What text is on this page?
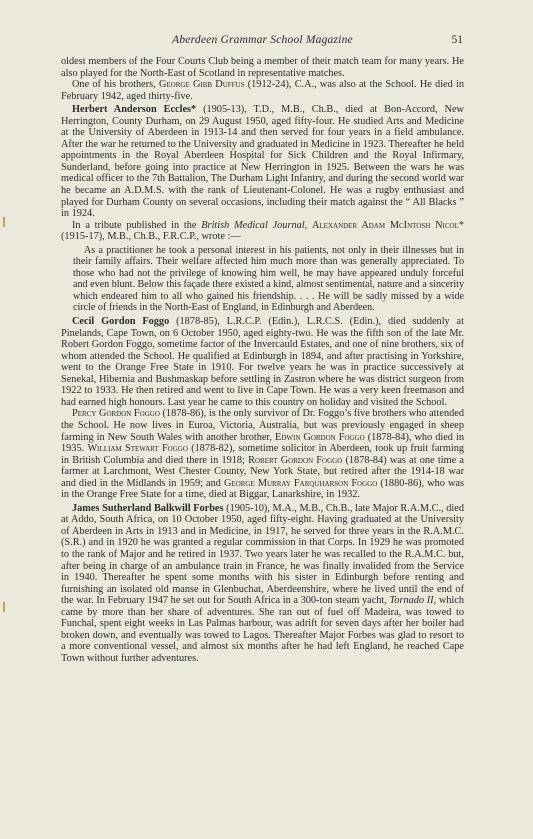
Aberdeen Grammar School Magazine	51

oldest members of the Four Courts Club being a member of their match team for many years. He also played for the North-East of Scotland in representative matches.

One of his brothers, George Gibb Duffus (1912-24), C.A., was also at the School. He died in February 1942, aged thirty-five.

Herbert Anderson Eccles* (1905-13), T.D., M.B., Ch.B., died at Bon-Accord, New Herrington, County Durham, on 29 August 1950, aged fifty-four. He studied Arts and Medicine at the University of Aberdeen in 1913-14 and then served for four years in a field ambulance. After the war he returned to the University and graduated in Medicine in 1923. Thereafter he held appointments in the Royal Aberdeen Hospital for Sick Children and the Royal Infirmary, Sunderland, before going into practice at New Herrington in 1925. Between the wars he was medical officer to the 7th Battalion, The Durham Light Infantry, and during the second world war he became an A.D.M.S. with the rank of Lieutenant-Colonel. He was a rugby enthusiast and played for Durham County on several occasions, including their match against the “ All Blacks ” in 1924.

In a tribute published in the British Medical Journal, Alexander Adam McIntosh Nicol* (1915-17), M.B., Ch.B., F.R.C.P., wrote :—

As a practitioner he took a personal interest in his patients, not only in their illnesses but in their family affairs. Their welfare affected him much more than was generally appreciated. To those who had not the privilege of knowing him well, he may have appeared unduly forceful and even blunt. Below this façade there existed a kind, almost sentimental, nature and a sincerity which endeared him to all who gained his friendship. . . . He will be sadly missed by a wide circle of friends in the North-East of England, in Edinburgh and Aberdeen.

Cecil Gordon Foggo (1878-85), L.R.C.P. (Edin.), L.R.C.S. (Edin.), died suddenly at Pinelands, Cape Town, on 6 October 1950, aged eighty-two. He was the fifth son of the late Mr. Robert Gordon Foggo, sometime factor of the Invercauld Estates, and one of nine brothers, six of whom attended the School. He qualified at Edinburgh in 1894, and after practising in Yorkshire, went to the Orange Free State in 1910. For twelve years he was in practice successively at Senekal, Hibernia and Bushmaskap before settling in Zastron where he was district surgeon from 1922 to 1933. He then retired and went to live in Cape Town. He was a very keen freemason and had earned high honours. Last year he came to this country on holiday and visited the School.

Percy Gordon Foggo (1878-86), is the only survivor of Dr. Foggo’s five brothers who attended the School. He now lives in Euroa, Victoria, Australia, but was previously engaged in sheep farming in New South Wales with another brother, Edwin Gordon Foggo (1878-84), who died in 1935. William Stewart Foggo (1878-82), sometime solicitor in Aberdeen, took up fruit farming in British Columbia and died there in 1918; Robert Gordon Foggo (1878-84) was at one time a farmer at Larchmont, West Chester County, New York State, but retired after the 1914-18 war and died in the Midlands in 1959; and George Murray Farquharson Foggo (1880-86), who was in the Orange Free State for a time, died at Biggar, Lanarkshire, in 1932.

James Sutherland Balkwill Forbes (1905-10), M.A., M.B., Ch.B., late Major R.A.M.C., died at Addo, South Africa, on 10 October 1950, aged fifty-eight. Having graduated at the University of Aberdeen in Arts in 1913 and in Medicine, in 1917, he served for three years in the R.A.M.C. (S.R.) and in 1920 he was granted a regular commission in that Corps. In 1929 he was promoted to the rank of Major and he retired in 1937. Two years later he was recalled to the R.A.M.C. but, after being in charge of an ambulance train in France, he was finally invalided from the Service in 1940. Thereafter he spent some months with his sister in Edinburgh before renting and furnishing an isolated old manse in Glenbuchat, Aberdeenshire, where he lived until the end of the war. In February 1947 he set out for South Africa in a 300-ton steam yacht, Tornado II, which came by more than her share of adventures. She ran out of fuel off Madeira, was towed to Funchal, spent eight weeks in Las Palmas harbour, was adrift for seven days after her boiler had broken down, and eventually was towed to Lagos. Thereafter Major Forbes was glad to resort to a more conventional vessel, and almost six months after he had left England, he reached Cape Town without further adventures.
